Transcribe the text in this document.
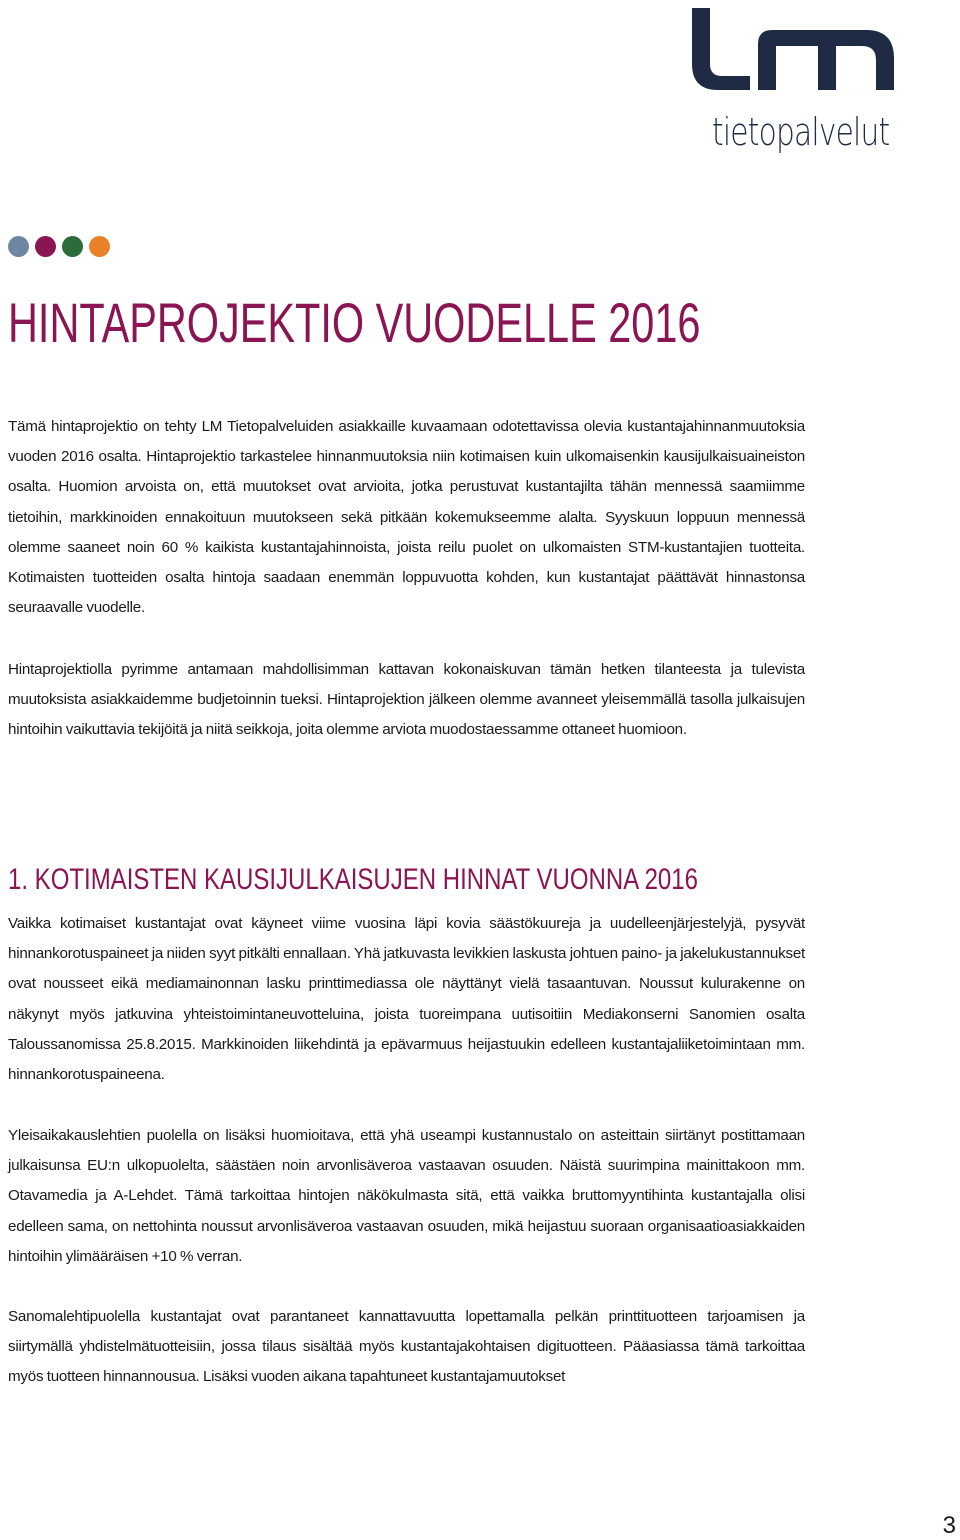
tietopalvelut
HINTAPROJEKTIO VUODELLE 2016

Tämä hintaprojektio on tehty LM Tietopalveluiden asiakkaille kuvaamaan odotettavissa olevia kustantajahinnanmuutoksia vuoden 2016 osalta. Hintaprojektio tarkastelee hinnanmuutoksia niin kotimaisen kuin ulkomaisenkin kausijulkaisuaineiston osalta. Huomion arvoista on, että muutokset ovat arvioita, jotka perustuvat kustantajilta tähän mennessä saamiimme tietoihin, markkinoiden ennakoituun muutokseen sekä pitkään kokemukseemme alalta. Syyskuun loppuun mennessä olemme saaneet noin 60 % kaikista kustantajahinnoista, joista reilu puolet on ulkomaisten STM-kustantajien tuotteita. Kotimaisten tuotteiden osalta hintoja saadaan enemmän loppuvuotta kohden, kun kustantajat päättävät hinnastonsa seuraavalle vuodelle.

Hintaprojektiolla pyrimme antamaan mahdollisimman kattavan kokonaiskuvan tämän hetken tilanteesta ja tulevista muutoksista asiakkaidemme budjetoinnin tueksi. Hintaprojektion jälkeen olemme avanneet yleisemmällä tasolla julkaisujen hintoihin vaikuttavia tekijöitä ja niitä seikkoja, joita olemme arviota muodostaessamme ottaneet huomioon.

1. KOTIMAISTEN KAUSIJULKAISUJEN HINNAT VUONNA 2016

Vaikka kotimaiset kustantajat ovat käyneet viime vuosina läpi kovia säästökuureja ja uudelleenjärjestelyjä, pysyvät hinnankorotuspaineet ja niiden syyt pitkälti ennallaan. Yhä jatkuvasta levikkien laskusta johtuen paino- ja jakelukustannukset ovat nousseet eikä mediamainonnan lasku printtimediassa ole näyttänyt vielä tasaantuvan. Noussut kulurakenne on näkynyt myös jatkuvina yhteistoimintaneuvotteluina, joista tuoreimpana uutisoitiin Mediakonserni Sanomien osalta Taloussanomissa 25.8.2015. Markkinoiden liikehdintä ja epävarmuus heijastuukin edelleen kustantajaliiketoimintaan mm. hinnankorotuspaineena.

Yleisaikakauslehtien puolella on lisäksi huomioitava, että yhä useampi kustannustalo on asteittain siirtänyt postittamaan julkaisunsa EU:n ulkopuolelta, säästäen noin arvonlisäveroa vastaavan osuuden. Näistä suurimpina mainittakoon mm. Otavamedia ja A-Lehdet. Tämä tarkoittaa hintojen näkökulmasta sitä, että vaikka bruttomyyntihinta kustantajalla olisi edelleen sama, on nettohinta noussut arvonlisäveroa vastaavan osuuden, mikä heijastuu suoraan organisaatioasiakkaiden hintoihin ylimääräisen +10 % verran.

Sanomalehtipuolella kustantajat ovat parantaneet kannattavuutta lopettamalla pelkän printtituotteen tarjoamisen ja siirtymällä yhdistelmätuotteisiin, jossa tilaus sisältää myös kustantajakohtaisen digituotteen. Pääasiassa tämä tarkoittaa myös tuotteen hinnannousua. Lisäksi vuoden aikana tapahtuneet kustantajamuutokset

3
